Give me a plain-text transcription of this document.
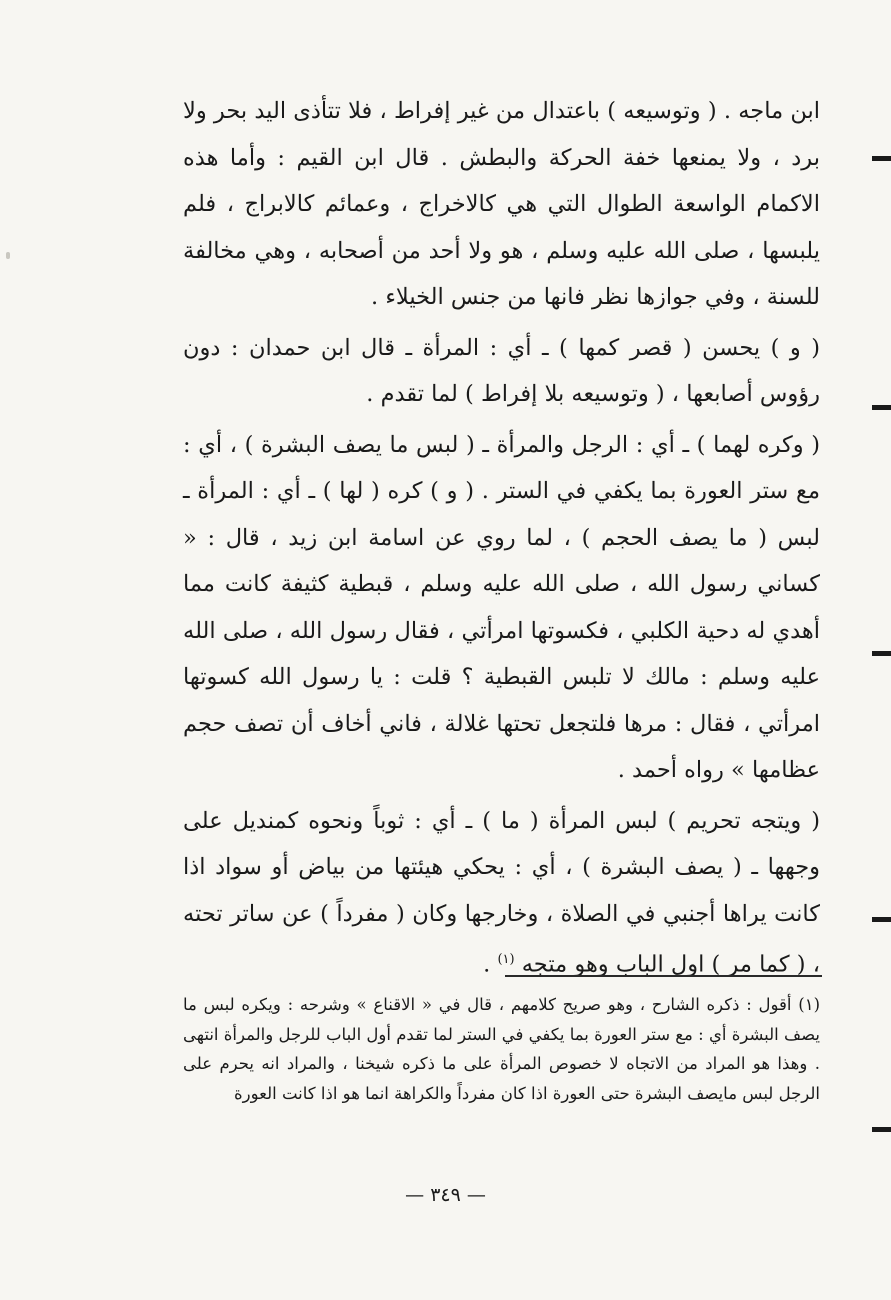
ابن ماجه . ( وتوسيعه ) باعتدال من غير إفراط ، فلا تتأذى اليد بحر ولا برد ، ولا يمنعها خفة الحركة والبطش . قال ابن القيم : وأما هذه الاكمام الواسعة الطوال التي هي كالاخراج ، وعمائم كالابراج ، فلم يلبسها ، صلى الله عليه وسلم ، هو ولا أحد من أصحابه ، وهي مخالفة للسنة ، وفي جوازها نظر فانها من جنس الخيلاء .

( و ) يحسن ( قصر كمها ) ـ أي : المرأة ـ قال ابن حمدان : دون رؤوس أصابعها ، ( وتوسيعه بلا إفراط ) لما تقدم .

( وكره لهما ) ـ أي : الرجل والمرأة ـ ( لبس ما يصف البشرة ) ، أي : مع ستر العورة بما يكفي في الستر . ( و ) كره ( لها ) ـ أي : المرأة ـ لبس ( ما يصف الحجم ) ، لما روي عن اسامة ابن زيد ، قال : « كساني رسول الله ، صلى الله عليه وسلم ، قبطية كثيفة كانت مما أهدي له دحية الكلبي ، فكسوتها امرأتي ، فقال رسول الله ، صلى الله عليه وسلم : مالك لا تلبس القبطية ؟ قلت : يا رسول الله كسوتها امرأتي ، فقال : مرها فلتجعل تحتها غلالة ، فاني أخاف أن تصف حجم عظامها » رواه أحمد .

( ويتجه تحريم ) لبس المرأة ( ما ) ـ أي : ثوباً ونحوه كمنديل على وجهها ـ ( يصف البشرة ) ، أي : يحكي هيئتها من بياض أو سواد اذا كانت يراها أجنبي في الصلاة ، وخارجها وكان ( مفرداً ) عن ساتر تحته ، ( كما مر ) اول الباب وهو متجه $^{(١)}$ .

(١) أقول : ذكره الشارح ، وهو صريح كلامهم ، قال في « الاقناع » وشرحه : ويكره لبس ما يصف البشرة أي : مع ستر العورة بما يكفي في الستر لما تقدم أول الباب للرجل والمرأة انتهى . وهذا هو المراد من الاتجاه لا خصوص المرأة على ما ذكره شيخنا ، والمراد انه يحرم على الرجل لبس مايصف البشرة حتى العورة اذا كان مفرداً والكراهة انما هو اذا كانت العورة
— ٣٤٩ —
